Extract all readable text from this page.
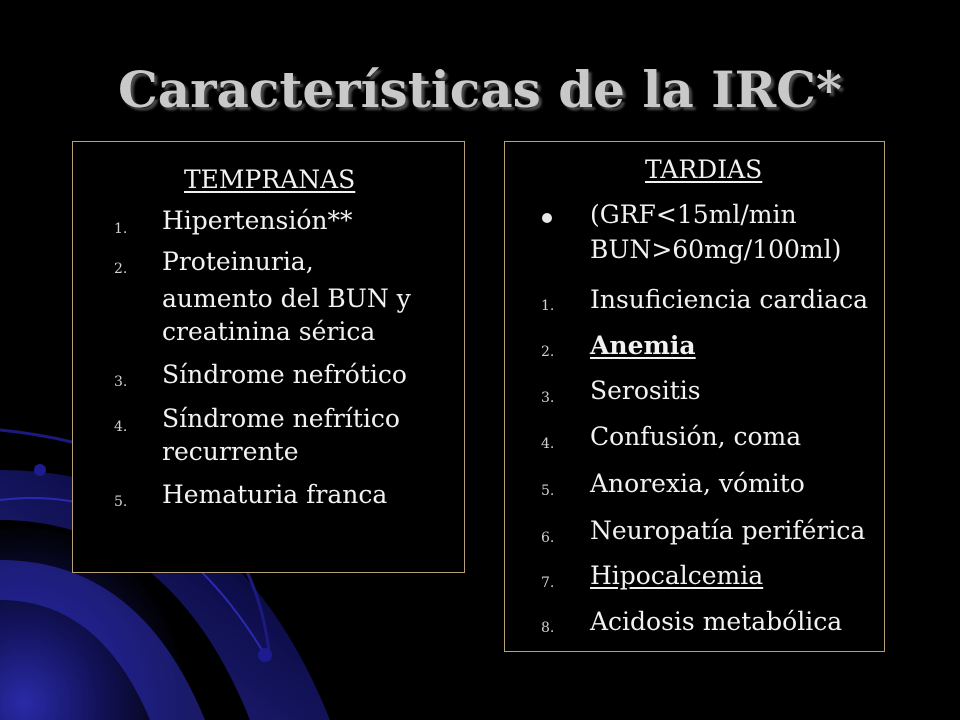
Características de la IRC*
TEMPRANAS
1. Hipertensión**
2. Proteinuria,
aumento del BUN y
creatinina sérica
3. Síndrome nefrótico
4. Síndrome nefrítico
recurrente
5. Hematuria franca
TARDIAS
(GRF<15ml/min
BUN>60mg/100ml)
1. Insuficiencia cardiaca
2. Anemia
3. Serositis
4. Confusión, coma
5. Anorexia, vómito
6. Neuropatía periférica
7. Hipocalcemia
8. Acidosis metabólica
